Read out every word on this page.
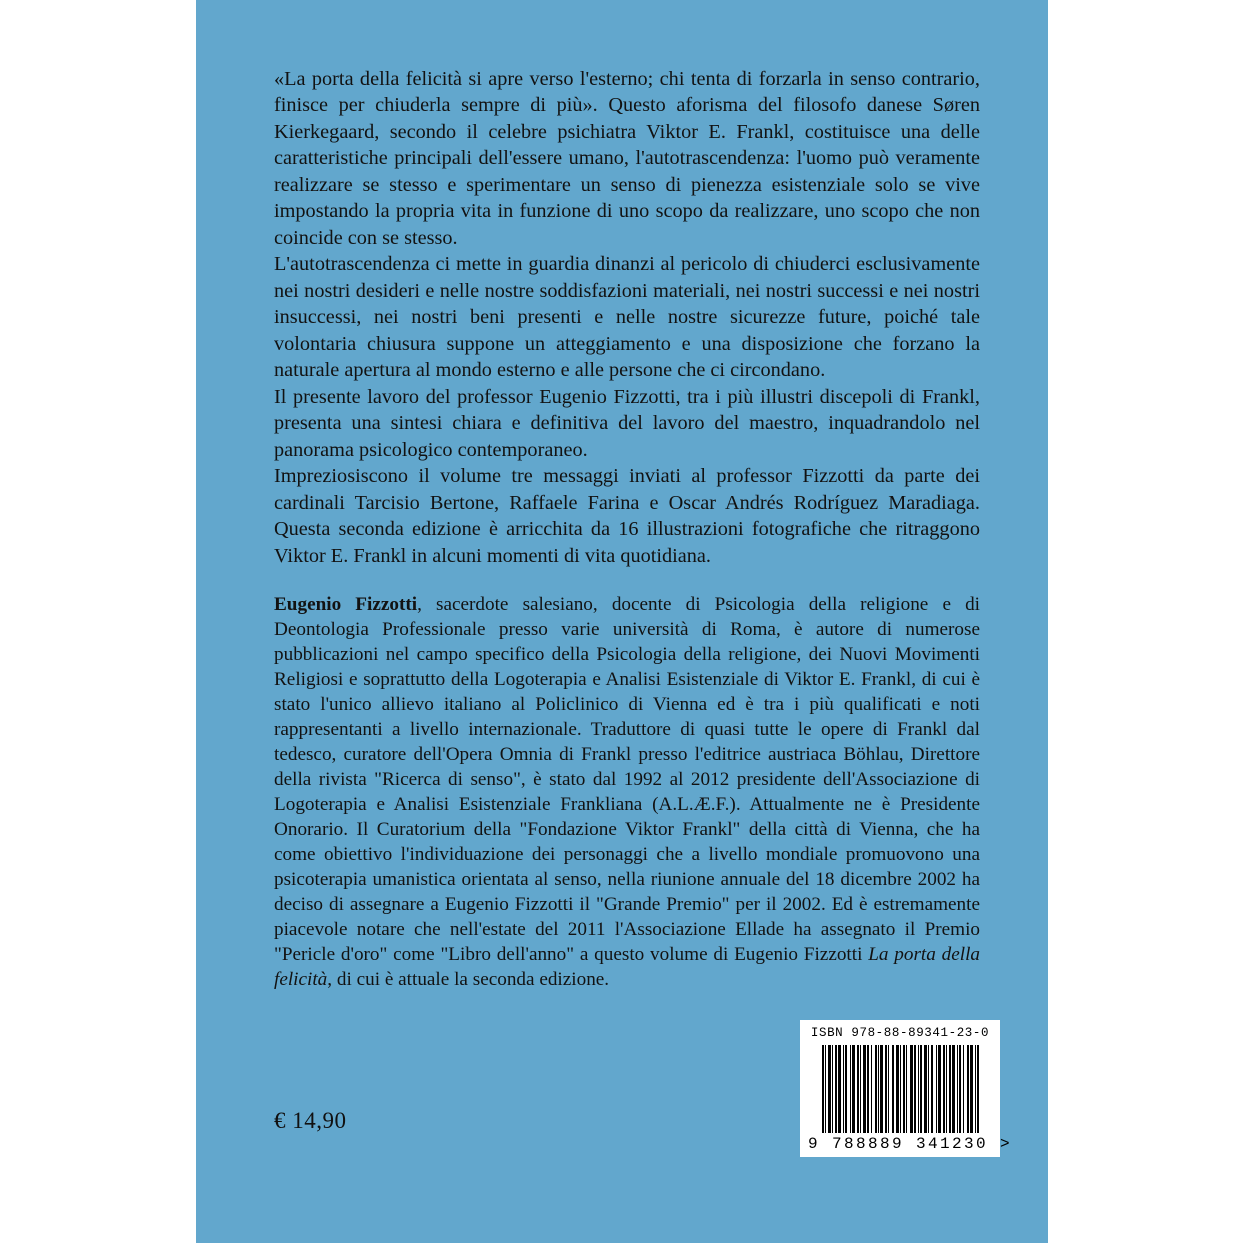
«La porta della felicità si apre verso l'esterno; chi tenta di forzarla in senso contrario, finisce per chiuderla sempre di più». Questo aforisma del filosofo danese Søren Kierkegaard, secondo il celebre psichiatra Viktor E. Frankl, costituisce una delle caratteristiche principali dell'essere umano, l'autotrascendenza: l'uomo può veramente realizzare se stesso e sperimentare un senso di pienezza esistenziale solo se vive impostando la propria vita in funzione di uno scopo da realizzare, uno scopo che non coincide con se stesso.

L'autotrascendenza ci mette in guardia dinanzi al pericolo di chiuderci esclusivamente nei nostri desideri e nelle nostre soddisfazioni materiali, nei nostri successi e nei nostri insuccessi, nei nostri beni presenti e nelle nostre sicurezze future, poiché tale volontaria chiusura suppone un atteggiamento e una disposizione che forzano la naturale apertura al mondo esterno e alle persone che ci circondano.

Il presente lavoro del professor Eugenio Fizzotti, tra i più illustri discepoli di Frankl, presenta una sintesi chiara e definitiva del lavoro del maestro, inquadrandolo nel panorama psicologico contemporaneo.

Impreziosiscono il volume tre messaggi inviati al professor Fizzotti da parte dei cardinali Tarcisio Bertone, Raffaele Farina e Oscar Andrés Rodríguez Maradiaga. Questa seconda edizione è arricchita da 16 illustrazioni fotografiche che ritraggono Viktor E. Frankl in alcuni momenti di vita quotidiana.

Eugenio Fizzotti, sacerdote salesiano, docente di Psicologia della religione e di Deontologia Professionale presso varie università di Roma, è autore di numerose pubblicazioni nel campo specifico della Psicologia della religione, dei Nuovi Movimenti Religiosi e soprattutto della Logoterapia e Analisi Esistenziale di Viktor E. Frankl, di cui è stato l'unico allievo italiano al Policlinico di Vienna ed è tra i più qualificati e noti rappresentanti a livello internazionale. Traduttore di quasi tutte le opere di Frankl dal tedesco, curatore dell'Opera Omnia di Frankl presso l'editrice austriaca Böhlau, Direttore della rivista "Ricerca di senso", è stato dal 1992 al 2012 presidente dell'Associazione di Logoterapia e Analisi Esistenziale Frankliana (A.L.Æ.F.). Attualmente ne è Presidente Onorario. Il Curatorium della "Fondazione Viktor Frankl" della città di Vienna, che ha come obiettivo l'individuazione dei personaggi che a livello mondiale promuovono una psicoterapia umanistica orientata al senso, nella riunione annuale del 18 dicembre 2002 ha deciso di assegnare a Eugenio Fizzotti il "Grande Premio" per il 2002. Ed è estremamente piacevole notare che nell'estate del 2011 l'Associazione Ellade ha assegnato il Premio "Pericle d'oro" come "Libro dell'anno" a questo volume di Eugenio Fizzotti La porta della felicità, di cui è attuale la seconda edizione.

€ 14,90
ISBN 978-88-89341-23-0
9 788889 341230 >
